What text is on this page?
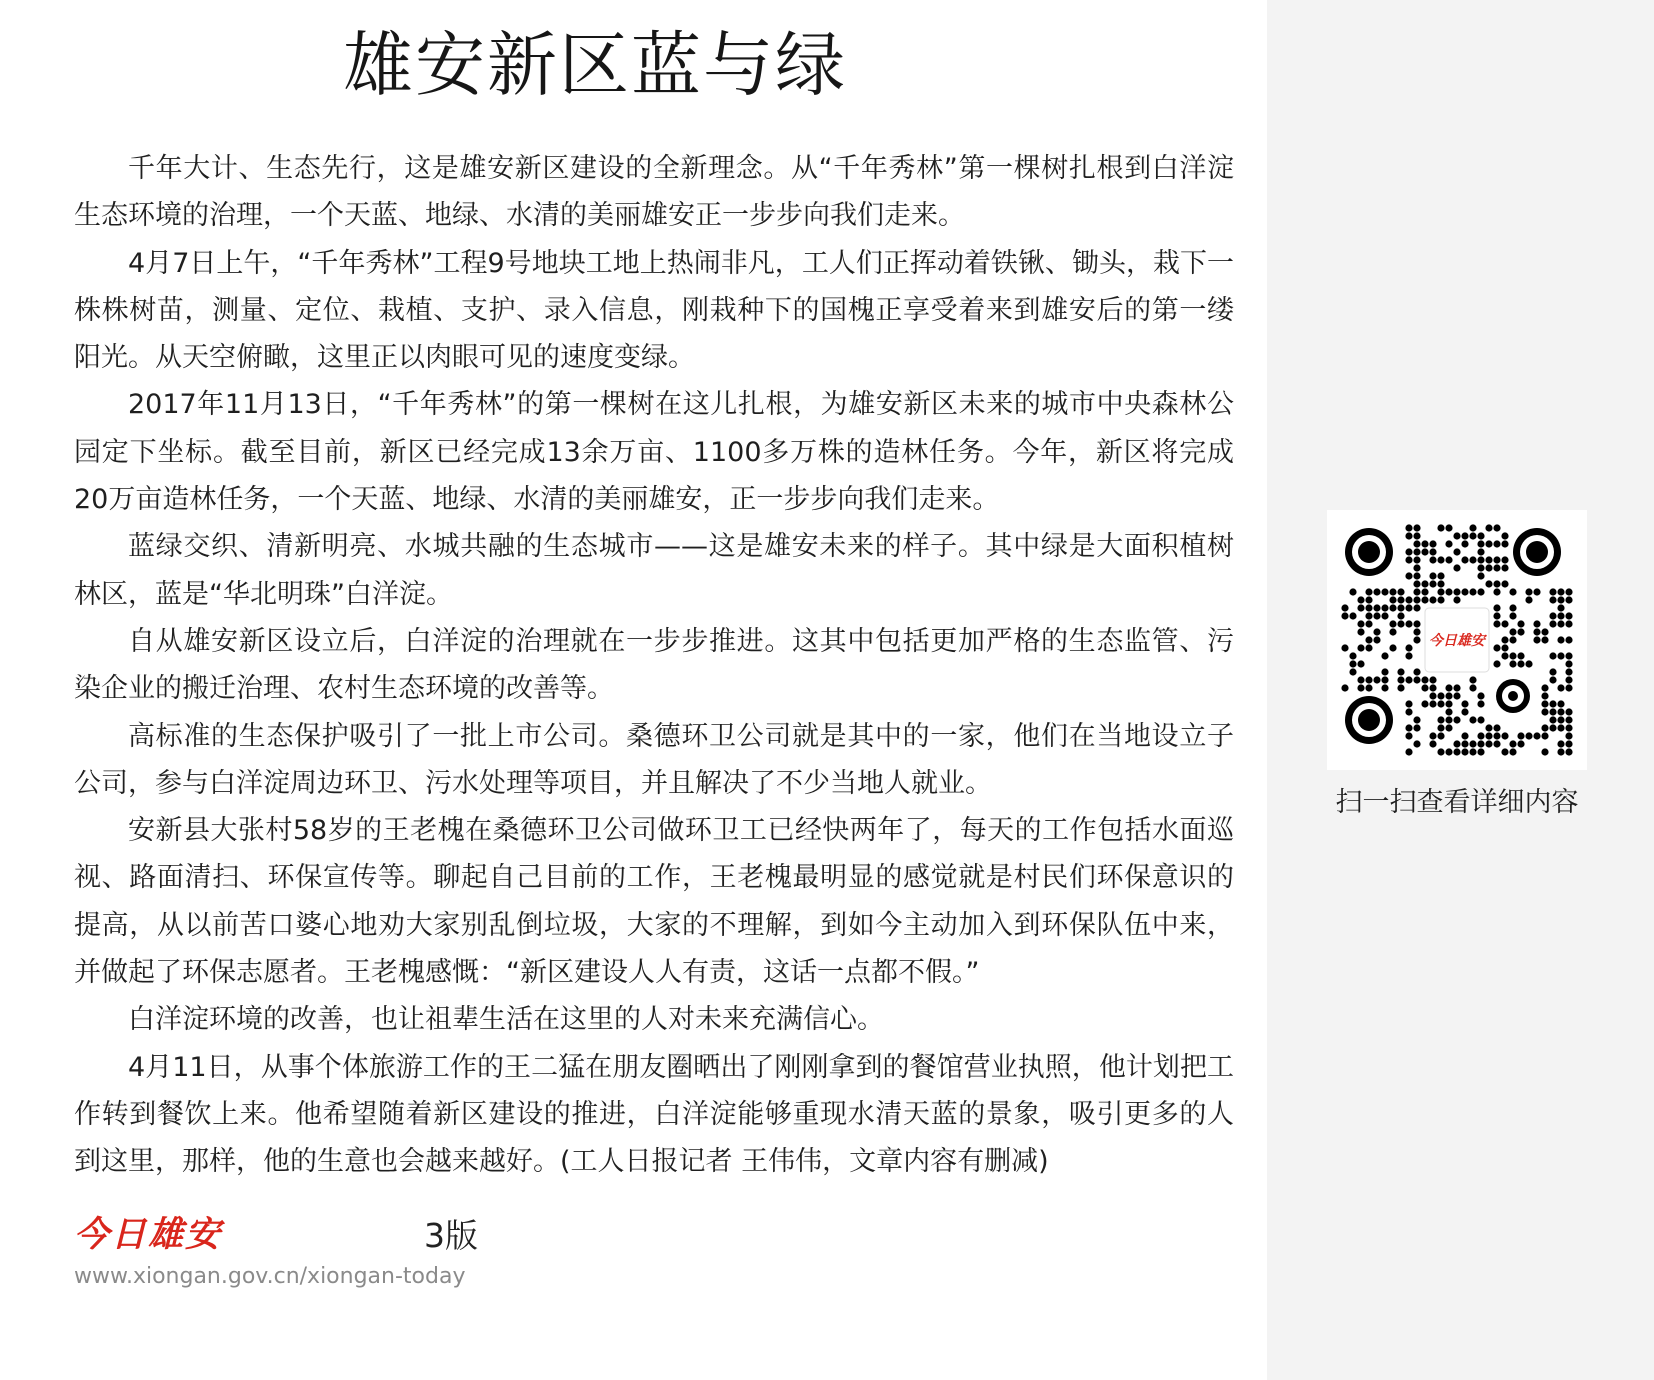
雄安新区蓝与绿

千年大计、生态先行，这是雄安新区建设的全新理念。从“千年秀林”第一棵树扎根到白洋淀生态环境的治理，一个天蓝、地绿、水清的美丽雄安正一步步向我们走来。

4月7日上午，“千年秀林”工程9号地块工地上热闹非凡，工人们正挥动着铁锹、锄头，栽下一株株树苗，测量、定位、栽植、支护、录入信息，刚栽种下的国槐正享受着来到雄安后的第一缕阳光。从天空俯瞰，这里正以肉眼可见的速度变绿。

2017年11月13日，“千年秀林”的第一棵树在这儿扎根，为雄安新区未来的城市中央森林公园定下坐标。截至目前，新区已经完成13余万亩、1100多万株的造林任务。今年，新区将完成20万亩造林任务，一个天蓝、地绿、水清的美丽雄安，正一步步向我们走来。

蓝绿交织、清新明亮、水城共融的生态城市——这是雄安未来的样子。其中绿是大面积植树林区，蓝是“华北明珠”白洋淀。

自从雄安新区设立后，白洋淀的治理就在一步步推进。这其中包括更加严格的生态监管、污染企业的搬迁治理、农村生态环境的改善等。

高标准的生态保护吸引了一批上市公司。桑德环卫公司就是其中的一家，他们在当地设立子公司，参与白洋淀周边环卫、污水处理等项目，并且解决了不少当地人就业。

安新县大张村58岁的王老槐在桑德环卫公司做环卫工已经快两年了，每天的工作包括水面巡视、路面清扫、环保宣传等。聊起自己目前的工作，王老槐最明显的感觉就是村民们环保意识的提高，从以前苦口婆心地劝大家别乱倒垃圾，大家的不理解，到如今主动加入到环保队伍中来，并做起了环保志愿者。王老槐感慨：“新区建设人人有责，这话一点都不假。”

白洋淀环境的改善，也让祖辈生活在这里的人对未来充满信心。

4月11日，从事个体旅游工作的王二猛在朋友圈晒出了刚刚拿到的餐馆营业执照，他计划把工作转到餐饮上来。他希望随着新区建设的推进，白洋淀能够重现水清天蓝的景象，吸引更多的人到这里，那样，他的生意也会越来越好。(工人日报记者 王伟伟，文章内容有删减)

今日雄安	3版
www.xiongan.gov.cn/xiongan-today
今日雄安
扫一扫查看详细内容
